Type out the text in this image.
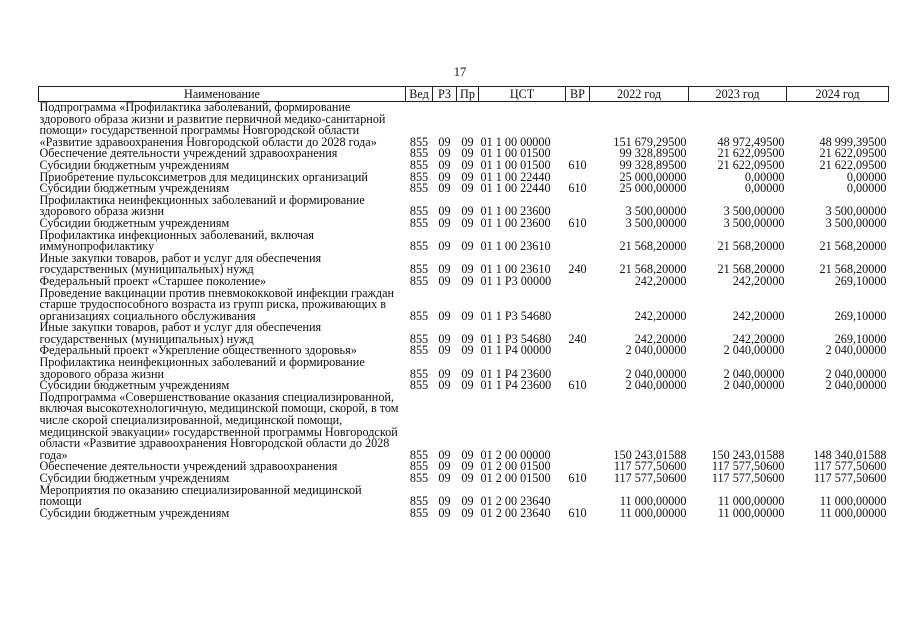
17
Наименование	Вед	РЗ	Пр	ЦСТ	ВР	2022 год	2023 год	2024 год
Подпрограмма «Профилактика заболеваний, формирование здорового образа жизни и развитие первичной медико-санитарной помощи» государственной программы Новгородской области «Развитие здравоохранения Новгородской области до 2028 года»	855	09	09	01 1 00 00000		151 679,29500	48 972,49500	48 999,39500
Обеспечение деятельности учреждений здравоохранения	855	09	09	01 1 00 01500		99 328,89500	21 622,09500	21 622,09500
Субсидии бюджетным учреждениям	855	09	09	01 1 00 01500	610	99 328,89500	21 622,09500	21 622,09500
Приобретение пульсоксиметров для медицинских организаций	855	09	09	01 1 00 22440		25 000,00000	0,00000	0,00000
Субсидии бюджетным учреждениям	855	09	09	01 1 00 22440	610	25 000,00000	0,00000	0,00000
Профилактика неинфекционных заболеваний и формирование здорового образа жизни	855	09	09	01 1 00 23600		3 500,00000	3 500,00000	3 500,00000
Субсидии бюджетным учреждениям	855	09	09	01 1 00 23600	610	3 500,00000	3 500,00000	3 500,00000
Профилактика инфекционных заболеваний, включая иммунопрофилактику	855	09	09	01 1 00 23610		21 568,20000	21 568,20000	21 568,20000
Иные закупки товаров, работ и услуг для обеспечения государственных (муниципальных) нужд	855	09	09	01 1 00 23610	240	21 568,20000	21 568,20000	21 568,20000
Федеральный проект «Старшее поколение»	855	09	09	01 1 P3 00000		242,20000	242,20000	269,10000
Проведение вакцинации против пневмококковой инфекции граждан старше трудоспособного возраста из групп риска, проживающих в организациях социального обслуживания	855	09	09	01 1 P3 54680		242,20000	242,20000	269,10000
Иные закупки товаров, работ и услуг для обеспечения государственных (муниципальных) нужд	855	09	09	01 1 P3 54680	240	242,20000	242,20000	269,10000
Федеральный проект «Укрепление общественного здоровья»	855	09	09	01 1 P4 00000		2 040,00000	2 040,00000	2 040,00000
Профилактика неинфекционных заболеваний и формирование здорового образа жизни	855	09	09	01 1 P4 23600		2 040,00000	2 040,00000	2 040,00000
Субсидии бюджетным учреждениям	855	09	09	01 1 P4 23600	610	2 040,00000	2 040,00000	2 040,00000
Подпрограмма «Совершенствование оказания специализированной, включая высокотехнологичную, медицинской помощи, скорой, в том числе скорой специализированной, медицинской помощи, медицинской эвакуации» государственной программы Новгородской области «Развитие здравоохранения Новгородской области до 2028 года»	855	09	09	01 2 00 00000		150 243,01588	150 243,01588	148 340,01588
Обеспечение деятельности учреждений здравоохранения	855	09	09	01 2 00 01500		117 577,50600	117 577,50600	117 577,50600
Субсидии бюджетным учреждениям	855	09	09	01 2 00 01500	610	117 577,50600	117 577,50600	117 577,50600
Мероприятия по оказанию специализированной медицинской помощи	855	09	09	01 2 00 23640		11 000,00000	11 000,00000	11 000,00000
Субсидии бюджетным учреждениям	855	09	09	01 2 00 23640	610	11 000,00000	11 000,00000	11 000,00000
